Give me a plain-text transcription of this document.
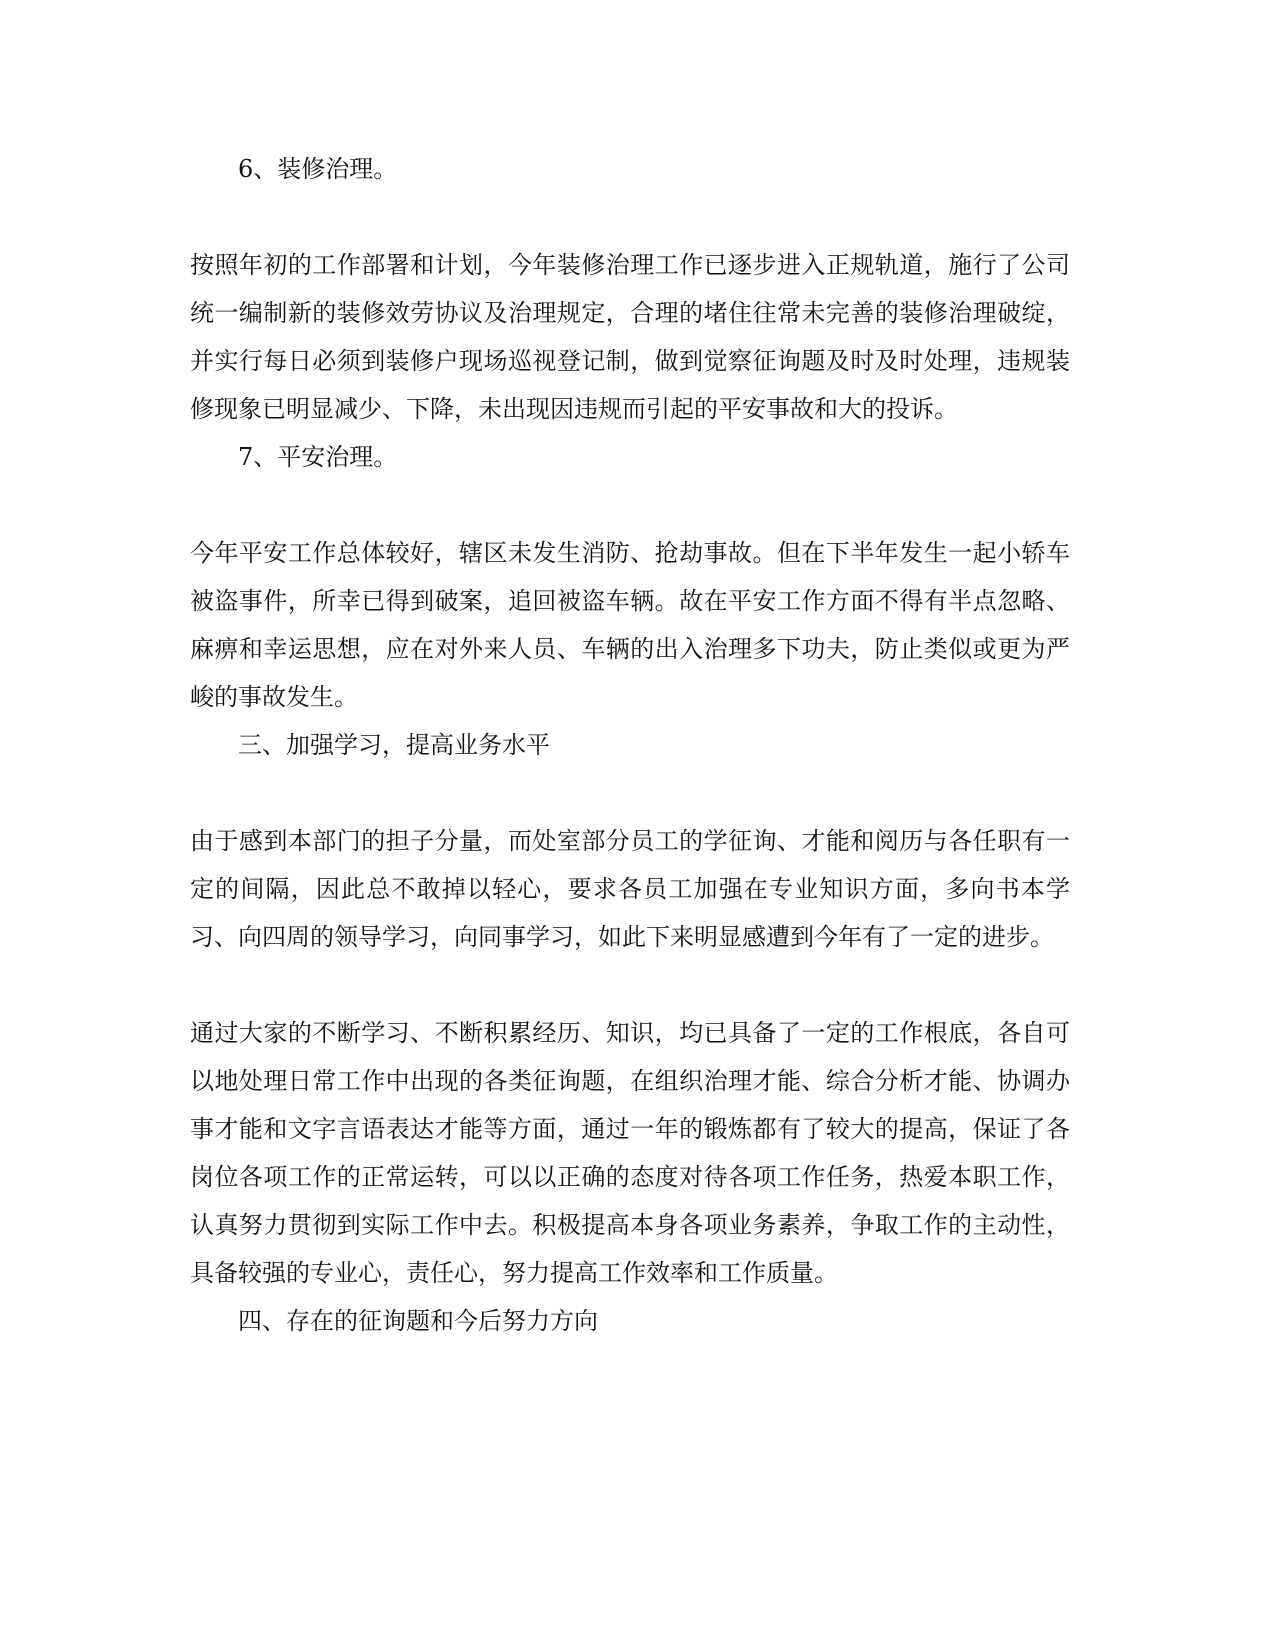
6、装修治理。

按照年初的工作部署和计划，今年装修治理工作已逐步进入正规轨道，施行了公司统一编制新的装修效劳协议及治理规定，合理的堵住往常未完善的装修治理破绽，并实行每日必须到装修户现场巡视登记制，做到觉察征询题及时及时处理，违规装修现象已明显减少、下降，未出现因违规而引起的平安事故和大的投诉。

7、平安治理。

今年平安工作总体较好，辖区未发生消防、抢劫事故。但在下半年发生一起小轿车被盗事件，所幸已得到破案，追回被盗车辆。故在平安工作方面不得有半点忽略、麻痹和幸运思想，应在对外来人员、车辆的出入治理多下功夫，防止类似或更为严峻的事故发生。

三、加强学习，提高业务水平

由于感到本部门的担子分量，而处室部分员工的学征询、才能和阅历与各任职有一定的间隔，因此总不敢掉以轻心，要求各员工加强在专业知识方面，多向书本学习、向四周的领导学习，向同事学习，如此下来明显感遭到今年有了一定的进步。

通过大家的不断学习、不断积累经历、知识，均已具备了一定的工作根底，各自可以地处理日常工作中出现的各类征询题，在组织治理才能、综合分析才能、协调办事才能和文字言语表达才能等方面，通过一年的锻炼都有了较大的提高，保证了各岗位各项工作的正常运转，可以以正确的态度对待各项工作任务，热爱本职工作，认真努力贯彻到实际工作中去。积极提高本身各项业务素养，争取工作的主动性，具备较强的专业心，责任心，努力提高工作效率和工作质量。

四、存在的征询题和今后努力方向
